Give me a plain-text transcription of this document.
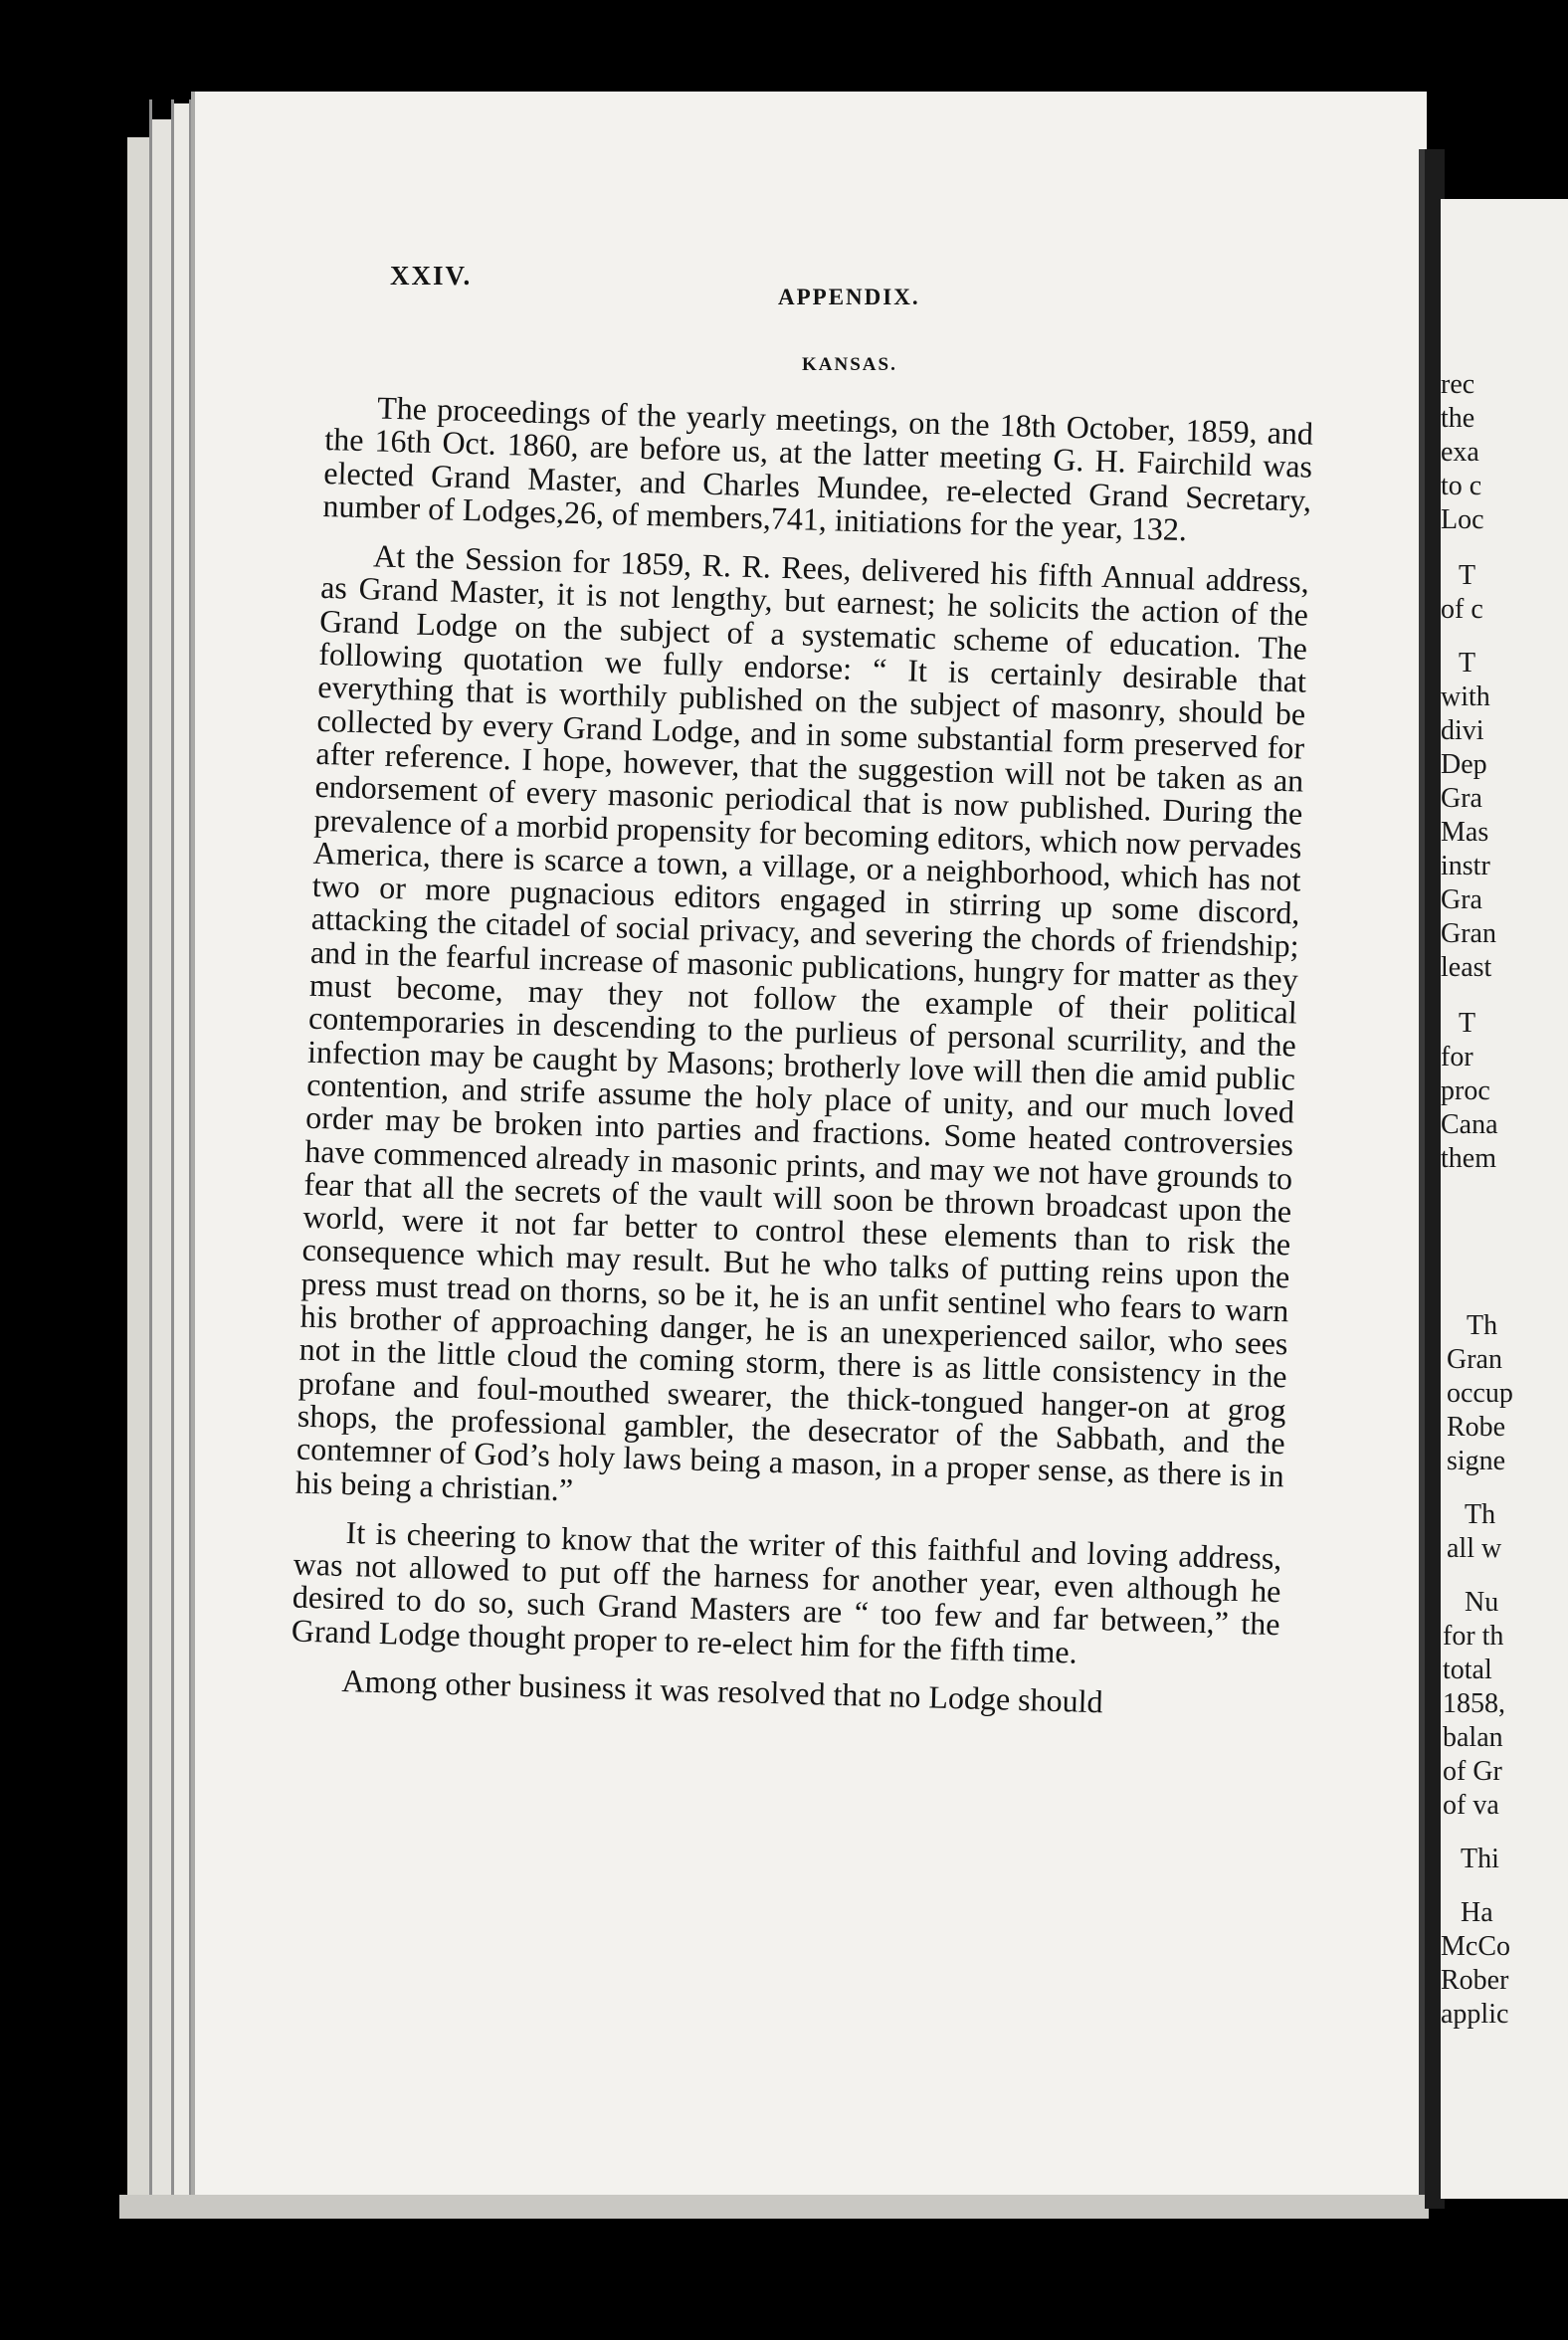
rec
the
exa
to c
Loc
T
of c
T
with
divi
Dep
Gra
Mas
instr
Gra
Gran
least
T
for
proc
Cana
them
Th
Gran
occup
Robe
signe
Th
all w
Nu
for th
total
1858,
balan
of Gr
of va
Thi
Ha
McCo
Rober
applic
XXIV.
APPENDIX.
KANSAS.

The proceedings of the yearly meetings, on the 18th October, 1859, and the 16th Oct. 1860, are before us, at the latter meeting G. H. Fairchild was elected Grand Master, and Charles Mundee, re-elected Grand Secretary, number of Lodges,26, of members,741, initiations for the year, 132.

At the Session for 1859, R. R. Rees, delivered his fifth Annual address, as Grand Master, it is not lengthy, but earnest; he solicits the action of the Grand Lodge on the subject of a systematic scheme of education. The following quotation we fully endorse: “ It is certainly desirable that everything that is worthily published on the subject of masonry, should be collected by every Grand Lodge, and in some substantial form preserved for after reference. I hope, however, that the suggestion will not be taken as an endorsement of every masonic periodical that is now published. During the prevalence of a morbid propensity for becoming editors, which now pervades America, there is scarce a town, a village, or a neighborhood, which has not two or more pugnacious editors engaged in stirring up some discord, attacking the citadel of social privacy, and severing the chords of friendship; and in the fearful increase of masonic publications, hungry for matter as they must become, may they not follow the example of their political contemporaries in descending to the purlieus of personal scurrility, and the infection may be caught by Masons; brotherly love will then die amid public contention, and strife assume the holy place of unity, and our much loved order may be broken into parties and fractions. Some heated controversies have commenced already in masonic prints, and may we not have grounds to fear that all the secrets of the vault will soon be thrown broadcast upon the world, were it not far better to control these elements than to risk the consequence which may result. But he who talks of putting reins upon the press must tread on thorns, so be it, he is an unfit sentinel who fears to warn his brother of approaching danger, he is an unexperienced sailor, who sees not in the little cloud the coming storm, there is as little consistency in the profane and foul-mouthed swearer, the thick-tongued hanger-on at grog shops, the professional gambler, the desecrator of the Sabbath, and the contemner of God’s holy laws being a mason, in a proper sense, as there is in his being a christian.”

It is cheering to know that the writer of this faithful and loving address, was not allowed to put off the harness for another year, even although he desired to do so, such Grand Masters are “ too few and far between,” the Grand Lodge thought proper to re-elect him for the fifth time.

Among other business it was resolved that no Lodge should
